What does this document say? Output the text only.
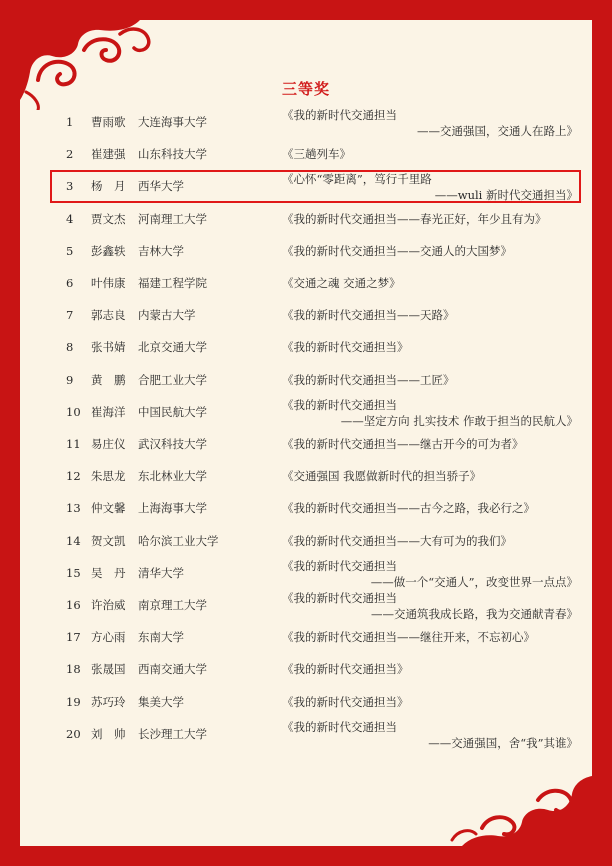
三等奖
1 曹雨歌 大连海事大学	《我的新时代交通担当
——交通强国，交通人在路上》
2 崔建强 山东科技大学	《三趟列车》
3 杨　月 西华大学	《心怀“零距离”，笃行千里路
——wuli 新时代交通担当》
4 贾文杰 河南理工大学	《我的新时代交通担当——春光正好，年少且有为》
5 彭鑫轶 吉林大学	《我的新时代交通担当——交通人的大国梦》
6 叶伟康 福建工程学院	《交通之魂 交通之梦》
7 郭志良 内蒙古大学	《我的新时代交通担当——天路》
8 张书婧 北京交通大学	《我的新时代交通担当》
9 黄　鹏 合肥工业大学	《我的新时代交通担当——工匠》
10 崔海洋 中国民航大学	《我的新时代交通担当
——坚定方向 扎实技术 作敢于担当的民航人》
11 易庄仪 武汉科技大学	《我的新时代交通担当——继古开今的可为者》
12 朱思龙 东北林业大学	《交通强国 我愿做新时代的担当骄子》
13 仲文馨 上海海事大学	《我的新时代交通担当——古今之路，我必行之》
14 贺文凯 哈尔滨工业大学	《我的新时代交通担当——大有可为的我们》
15 吴　丹 清华大学	《我的新时代交通担当
——做一个“交通人”，改变世界一点点》
16 许治威 南京理工大学	《我的新时代交通担当
——交通筑我成长路，我为交通献青春》
17 方心雨 东南大学	《我的新时代交通担当——继往开来，不忘初心》
18 张晟国 西南交通大学	《我的新时代交通担当》
19 苏巧玲 集美大学	《我的新时代交通担当》
20 刘　帅 长沙理工大学	《我的新时代交通担当
——交通强国，舍“我”其谁》
